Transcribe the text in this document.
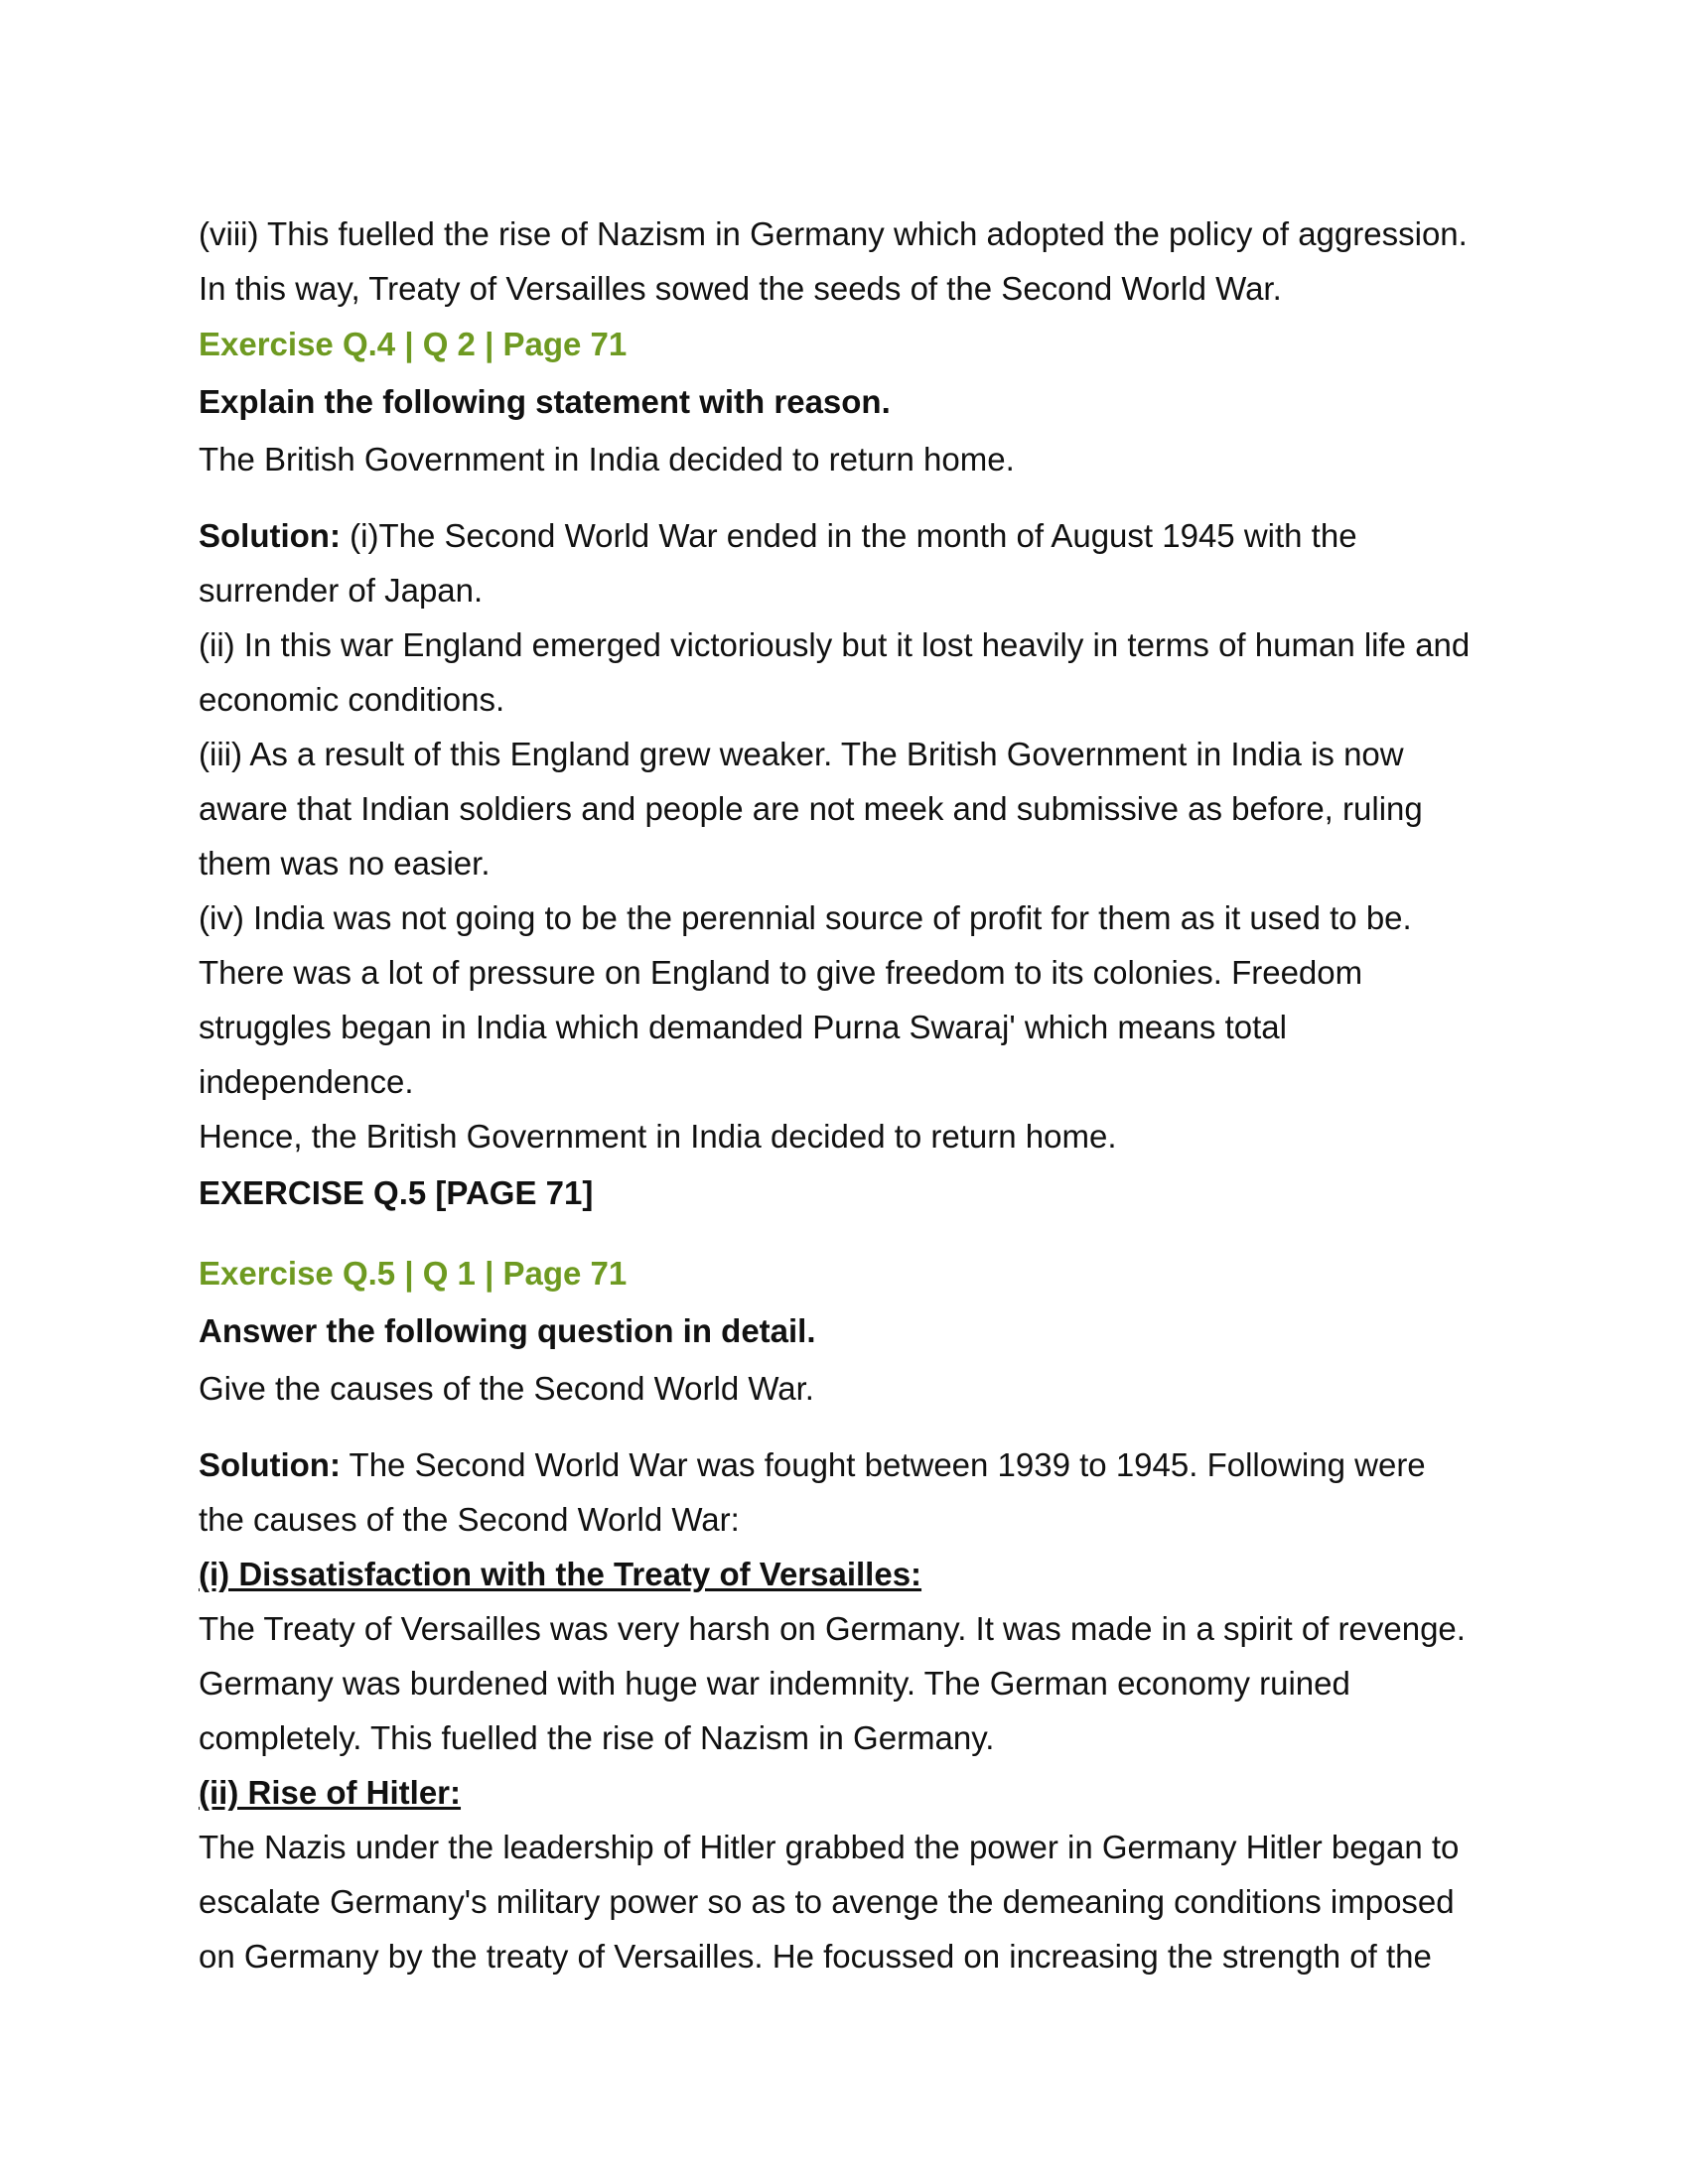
(viii) This fuelled the rise of Nazism in Germany which adopted the policy of aggression.
In this way, Treaty of Versailles sowed the seeds of the Second World War.
Exercise Q.4 | Q 2 | Page 71
Explain the following statement with reason.
The British Government in India decided to return home.
Solution: (i)The Second World War ended in the month of August 1945 with the
surrender of Japan.
(ii) In this war England emerged victoriously but it lost heavily in terms of human life and
economic conditions.
(iii) As a result of this England grew weaker. The British Government in India is now
aware that Indian soldiers and people are not meek and submissive as before, ruling
them was no easier.
(iv) India was not going to be the perennial source of profit for them as it used to be.
There was a lot of pressure on England to give freedom to its colonies. Freedom
struggles began in India which demanded Purna Swaraj' which means total
independence.
Hence, the British Government in India decided to return home.
EXERCISE Q.5 [PAGE 71]
Exercise Q.5 | Q 1 | Page 71
Answer the following question in detail.
Give the causes of the Second World War.
Solution: The Second World War was fought between 1939 to 1945. Following were
the causes of the Second World War:
(i) Dissatisfaction with the Treaty of Versailles:
The Treaty of Versailles was very harsh on Germany. It was made in a spirit of revenge.
Germany was burdened with huge war indemnity. The German economy ruined
completely. This fuelled the rise of Nazism in Germany.
(ii) Rise of Hitler:
The Nazis under the leadership of Hitler grabbed the power in Germany Hitler began to
escalate Germany's military power so as to avenge the demeaning conditions imposed
on Germany by the treaty of Versailles. He focussed on increasing the strength of the
